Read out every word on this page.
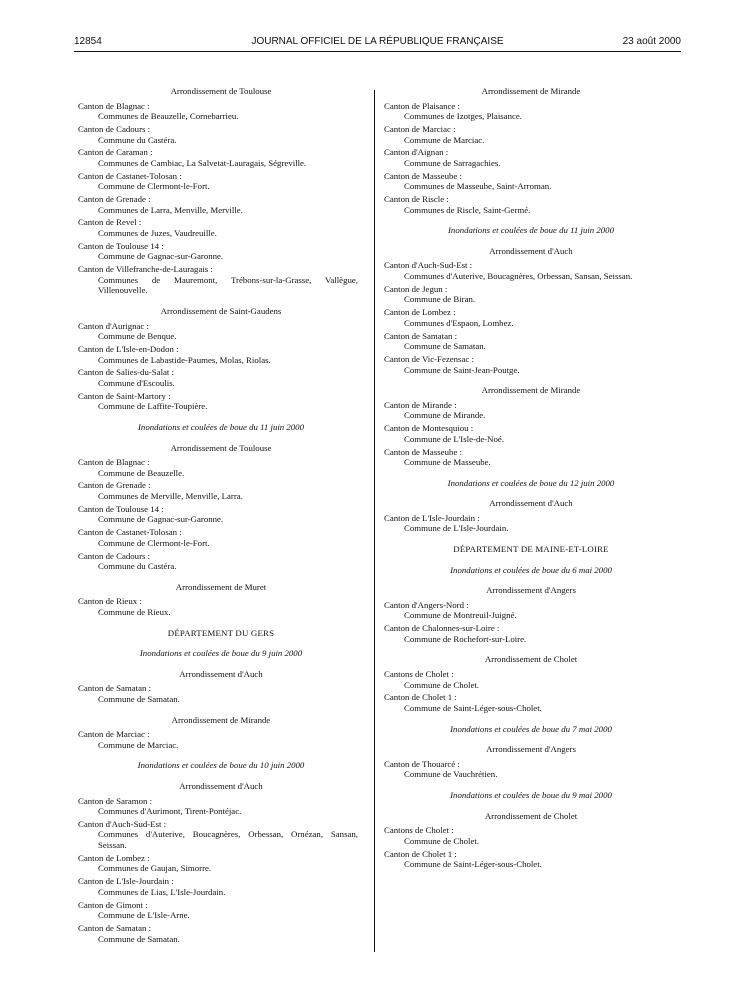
12854	JOURNAL OFFICIEL DE LA RÉPUBLIQUE FRANÇAISE	23 août 2000
Arrondissement de Toulouse
Canton de Blagnac :
Communes de Beauzelle, Cornebarrieu.
Canton de Cadours :
Commune du Castéra.
Canton de Caraman :
Communes de Cambiac, La Salvetat-Lauragais, Ségreville.
Canton de Castanet-Tolosan :
Commune de Clermont-le-Fort.
Canton de Grenade :
Communes de Larra, Menville, Merville.
Canton de Revel :
Communes de Juzes, Vaudreuille.
Canton de Toulouse 14 :
Commune de Gagnac-sur-Garonne.
Canton de Villefranche-de-Lauragais :
Communes de Mauremont, Trébons-sur-la-Grasse, Vallègue, Villenouvelle.
Arrondissement de Saint-Gaudens
Canton d'Aurignac :
Commune de Benque.
Canton de L'Isle-en-Dodon :
Communes de Labastide-Paumes, Molas, Riolas.
Canton de Salies-du-Salat :
Commune d'Escoulis.
Canton de Saint-Martory :
Commune de Laffite-Toupière.
Inondations et coulées de boue du 11 juin 2000
Arrondissement de Toulouse
Canton de Blagnac :
Commune de Beauzelle.
Canton de Grenade :
Communes de Merville, Menville, Larra.
Canton de Toulouse 14 :
Commune de Gagnac-sur-Garonne.
Canton de Castanet-Tolosan :
Commune de Clermont-le-Fort.
Canton de Cadours :
Commune du Castéra.
Arrondissement de Muret
Canton de Rieux :
Commune de Rieux.
DÉPARTEMENT DU GERS
Inondations et coulées de boue du 9 juin 2000
Arrondissement d'Auch
Canton de Samatan :
Commune de Samatan.
Arrondissement de Mirande
Canton de Marciac :
Commune de Marciac.
Inondations et coulées de boue du 10 juin 2000
Arrondissement d'Auch
Canton de Saramon :
Communes d'Aurimont, Tirent-Pontéjac.
Canton d'Auch-Sud-Est :
Communes d'Auterive, Boucagnères, Orbessan, Ornézan, Sansan, Seissan.
Canton de Lombez :
Communes de Gaujan, Simorre.
Canton de L'Isle-Jourdain :
Communes de Lias, L'Isle-Jourdain.
Canton de Gimont :
Commune de L'Isle-Arne.
Canton de Samatan :
Commune de Samatan.
Arrondissement de Mirande
Canton de Plaisance :
Communes de Izotges, Plaisance.
Canton de Marciac :
Commune de Marciac.
Canton d'Aignan :
Commune de Sarragachies.
Canton de Masseube :
Communes de Masseube, Saint-Arroman.
Canton de Riscle :
Communes de Riscle, Saint-Germé.
Inondations et coulées de boue du 11 juin 2000
Arrondissement d'Auch
Canton d'Auch-Sud-Est :
Communes d'Auterive, Boucagnères, Orbessan, Sansan, Seissan.
Canton de Jegun :
Commune de Biran.
Canton de Lombez :
Communes d'Espaon, Lombez.
Canton de Samatan :
Commune de Samatan.
Canton de Vic-Fezensac :
Commune de Saint-Jean-Poutge.
Arrondissement de Mirande
Canton de Mirande :
Commune de Mirande.
Canton de Montesquiou :
Commune de L'Isle-de-Noé.
Canton de Masseube :
Commune de Masseube.
Inondations et coulées de boue du 12 juin 2000
Arrondissement d'Auch
Canton de L'Isle-Jourdain :
Commune de L'Isle-Jourdain.
DÉPARTEMENT DE MAINE-ET-LOIRE
Inondations et coulées de boue du 6 mai 2000
Arrondissement d'Angers
Canton d'Angers-Nord :
Commune de Montreuil-Juigné.
Canton de Chalonnes-sur-Loire :
Commune de Rochefort-sur-Loire.
Arrondissement de Cholet
Cantons de Cholet :
Commune de Cholet.
Canton de Cholet 1 :
Commune de Saint-Léger-sous-Cholet.
Inondations et coulées de boue du 7 mai 2000
Arrondissement d'Angers
Canton de Thouarcé :
Commune de Vauchrétien.
Inondations et coulées de boue du 9 mai 2000
Arrondissement de Cholet
Cantons de Cholet :
Commune de Cholet.
Canton de Cholet 1 :
Commune de Saint-Léger-sous-Cholet.
